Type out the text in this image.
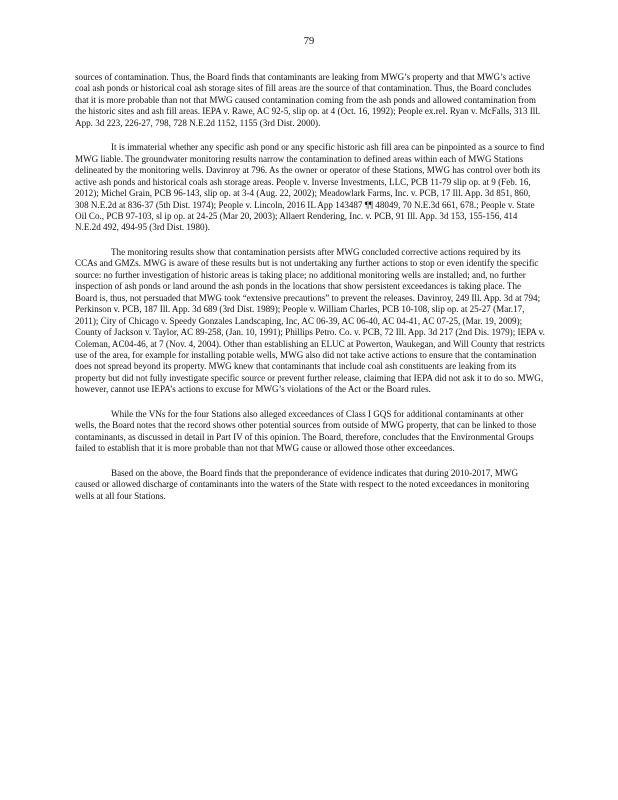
79

sources of contamination. Thus, the Board finds that contaminants are leaking from MWG’s property and that MWG’s active coal ash ponds or historical coal ash storage sites of fill areas are the source of that contamination. Thus, the Board concludes that it is more probable than not that MWG caused contamination coming from the ash ponds and allowed contamination from the historic sites and ash fill areas. IEPA v. Rawe, AC 92-5, slip op. at 4 (Oct. 16, 1992); People ex.rel. Ryan v. McFalls, 313 Ill. App. 3d 223, 226-27, 798, 728 N.E.2d 1152, 1155 (3rd Dist. 2000).

It is immaterial whether any specific ash pond or any specific historic ash fill area can be pinpointed as a source to find MWG liable. The groundwater monitoring results narrow the contamination to defined areas within each of MWG Stations delineated by the monitoring wells. Davinroy at 796. As the owner or operator of these Stations, MWG has control over both its active ash ponds and historical coals ash storage areas. People v. Inverse Investments, LLC, PCB 11-79 slip op. at 9 (Feb. 16, 2012); Michel Grain, PCB 96-143, slip op. at 3-4 (Aug. 22, 2002); Meadowlark Farms, Inc. v. PCB, 17 Ill. App. 3d 851, 860, 308 N.E.2d at 836-37 (5th Dist. 1974); People v. Lincoln, 2016 IL App 143487 ¶¶ 48049, 70 N.E.3d 661, 678.; People v. State Oil Co., PCB 97-103, sl ip op. at 24-25 (Mar 20, 2003); Allaert Rendering, Inc. v. PCB, 91 Ill. App. 3d 153, 155-156, 414 N.E.2d 492, 494-95 (3rd Dist. 1980).

The monitoring results show that contamination persists after MWG concluded corrective actions required by its CCAs and GMZs. MWG is aware of these results but is not undertaking any further actions to stop or even identify the specific source: no further investigation of historic areas is taking place; no additional monitoring wells are installed; and, no further inspection of ash ponds or land around the ash ponds in the locations that show persistent exceedances is taking place. The Board is, thus, not persuaded that MWG took “extensive precautions” to prevent the releases. Davinroy, 249 Ill. App. 3d at 794; Perkinson v. PCB, 187 Ill. App. 3d 689 (3rd Dist. 1989); People v. William Charles, PCB 10-108, slip op. at 25-27 (Mar.17, 2011); City of Chicago v. Speedy Gonzales Landscaping, Inc, AC 06-39, AC 06-40, AC 04-41, AC 07-25, (Mar. 19, 2009); County of Jackson v. Taylor, AC 89-258, (Jan. 10, 1991); Phillips Petro. Co. v. PCB, 72 Ill. App. 3d 217 (2nd Dis. 1979); IEPA v. Coleman, AC04-46, at 7 (Nov. 4, 2004). Other than establishing an ELUC at Powerton, Waukegan, and Will County that restricts use of the area, for example for installing potable wells, MWG also did not take active actions to ensure that the contamination does not spread beyond its property. MWG knew that contaminants that include coal ash constituents are leaking from its property but did not fully investigate specific source or prevent further release, claiming that IEPA did not ask it to do so. MWG, however, cannot use IEPA’s actions to excuse for MWG’s violations of the Act or the Board rules.

While the VNs for the four Stations also alleged exceedances of Class I GQS for additional contaminants at other wells, the Board notes that the record shows other potential sources from outside of MWG property, that can be linked to those contaminants, as discussed in detail in Part IV of this opinion. The Board, therefore, concludes that the Environmental Groups failed to establish that it is more probable than not that MWG cause or allowed those other exceedances.

Based on the above, the Board finds that the preponderance of evidence indicates that during 2010-2017, MWG caused or allowed discharge of contaminants into the waters of the State with respect to the noted exceedances in monitoring wells at all four Stations.
